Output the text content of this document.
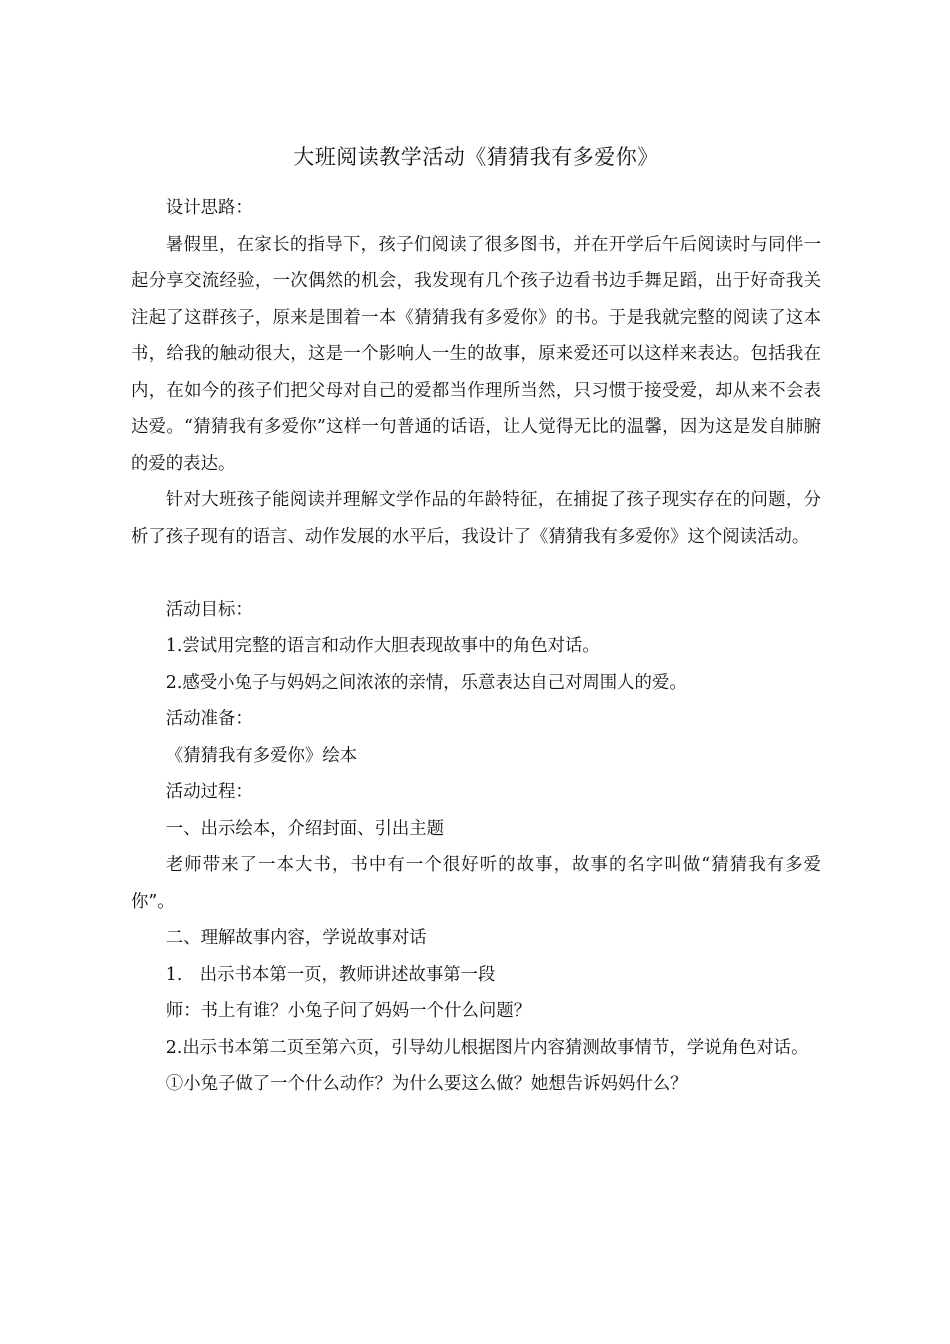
大班阅读教学活动《猜猜我有多爱你》

设计思路：

暑假里，在家长的指导下，孩子们阅读了很多图书，并在开学后午后阅读时与同伴一起分享交流经验，一次偶然的机会，我发现有几个孩子边看书边手舞足蹈，出于好奇我关注起了这群孩子，原来是围着一本《猜猜我有多爱你》的书。于是我就完整的阅读了这本书，给我的触动很大，这是一个影响人一生的故事，原来爱还可以这样来表达。包括我在内，在如今的孩子们把父母对自己的爱都当作理所当然，只习惯于接受爱，却从来不会表达爱。“猜猜我有多爱你”这样一句普通的话语，让人觉得无比的温馨，因为这是发自肺腑的爱的表达。

针对大班孩子能阅读并理解文学作品的年龄特征，在捕捉了孩子现实存在的问题，分析了孩子现有的语言、动作发展的水平后，我设计了《猜猜我有多爱你》这个阅读活动。

活动目标：

1.尝试用完整的语言和动作大胆表现故事中的角色对话。

2.感受小兔子与妈妈之间浓浓的亲情，乐意表达自己对周围人的爱。

活动准备：

《猜猜我有多爱你》绘本

活动过程：

一、出示绘本，介绍封面、引出主题

老师带来了一本大书，书中有一个很好听的故事，故事的名字叫做“猜猜我有多爱你”。

二、理解故事内容，学说故事对话

1.　出示书本第一页，教师讲述故事第一段

师：书上有谁？小兔子问了妈妈一个什么问题？

2.出示书本第二页至第六页，引导幼儿根据图片内容猜测故事情节，学说角色对话。

①小兔子做了一个什么动作？为什么要这么做？她想告诉妈妈什么？
